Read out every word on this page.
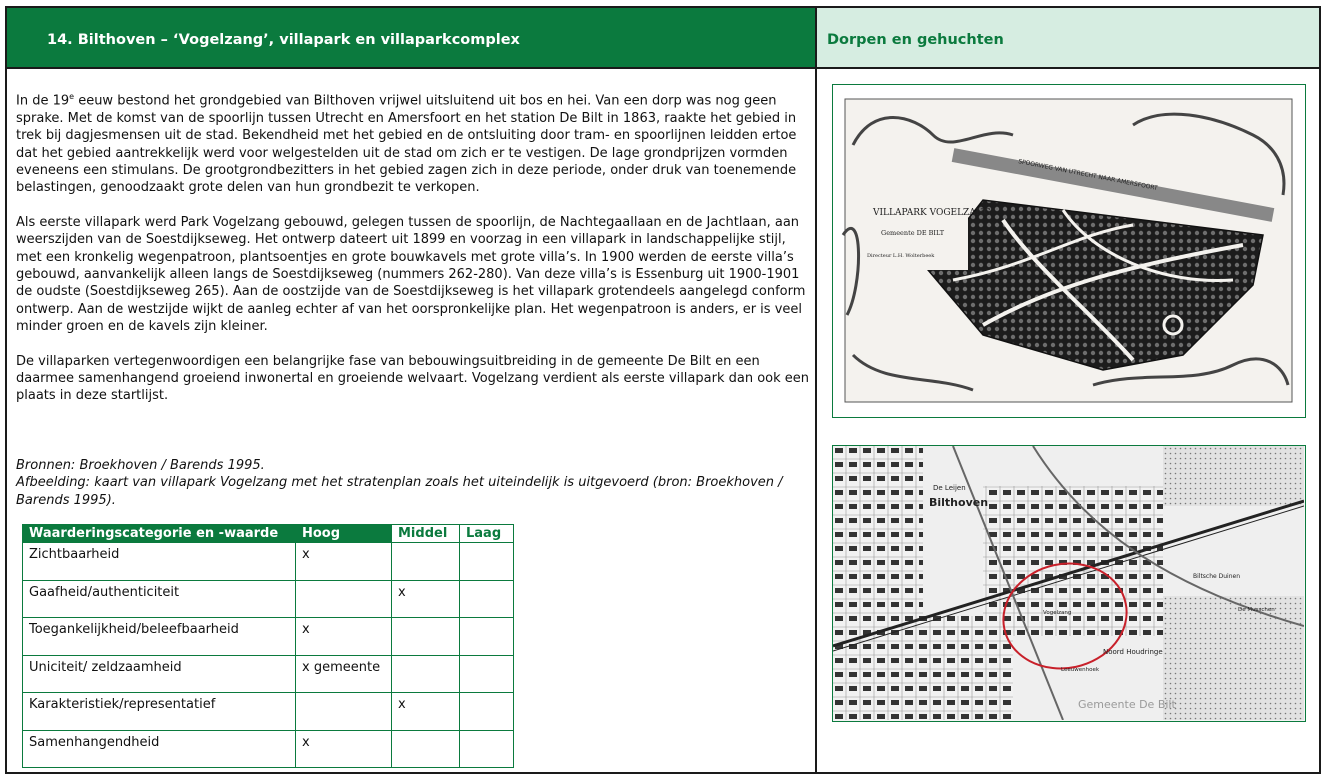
14. Bilthoven – ‘Vogelzang’, villapark en villaparkcomplex	Dorpen en gehuchten

In de 19e eeuw bestond het grondgebied van Bilthoven vrijwel uitsluitend uit bos en hei. Van een dorp was nog geen sprake. Met de komst van de spoorlijn tussen Utrecht en Amersfoort en het station De Bilt in 1863, raakte het gebied in trek bij dagjesmensen uit de stad. Bekendheid met het gebied en de ontsluiting door tram- en spoorlijnen leidden ertoe dat het gebied aantrekkelijk werd voor welgestelden uit de stad om zich er te vestigen. De lage grondprijzen vormden eveneens een stimulans. De grootgrondbezitters in het gebied zagen zich in deze periode, onder druk van toenemende belastingen, genoodzaakt grote delen van hun grondbezit te verkopen.

Als eerste villapark werd Park Vogelzang gebouwd, gelegen tussen de spoorlijn, de Nachtegaallaan en de Jachtlaan, aan weerszijden van de Soestdijkseweg. Het ontwerp dateert uit 1899 en voorzag in een villapark in landschappelijke stijl, met een kronkelig wegenpatroon, plantsoentjes en grote bouwkavels met grote villa’s. In 1900 werden de eerste villa’s gebouwd, aanvankelijk alleen langs de Soestdijkseweg (nummers 262-280). Van deze villa’s is Essenburg uit 1900-1901 de oudste (Soestdijkseweg 265). Aan de oostzijde van de Soestdijkseweg is het villapark grotendeels aangelegd conform ontwerp. Aan de westzijde wijkt de aanleg echter af van het oorspronkelijke plan. Het wegenpatroon is anders, er is veel minder groen en de kavels zijn kleiner.

De villaparken vertegenwoordigen een belangrijke fase van bebouwingsuitbreiding in de gemeente De Bilt en een daarmee samenhangend groeiend inwonertal en groeiende welvaart. Vogelzang verdient als eerste villapark dan ook een plaats in deze startlijst.

Bronnen: Broekhoven / Barends 1995.
Afbeelding: kaart van villapark Vogelzang met het stratenplan zoals het uiteindelijk is uitgevoerd (bron: Broekhoven / Barends 1995).
Waarderingscategorie en -waarde	Hoog	Middel	Laag
Zichtbaarheid	x		
Gaafheid/authenticiteit		x	
Toegankelijkheid/beleefbaarheid	x		
Uniciteit/ zeldzaamheid	x gemeente		
Karakteristiek/representatief		x	
Samenhangendheid	x		
VILLAPARK VOGELZANG
Gemeente DE BILT
Directeur L.H. Wolterbeek
SPOORWEG VAN UTRECHT NAAR AMERSFOORT
De Leijen
Bilthoven
Vogelzang
Biltsche Duinen
De Musschen
Noord Houdringe
Leeuwenhoek
Gemeente De Bilt
